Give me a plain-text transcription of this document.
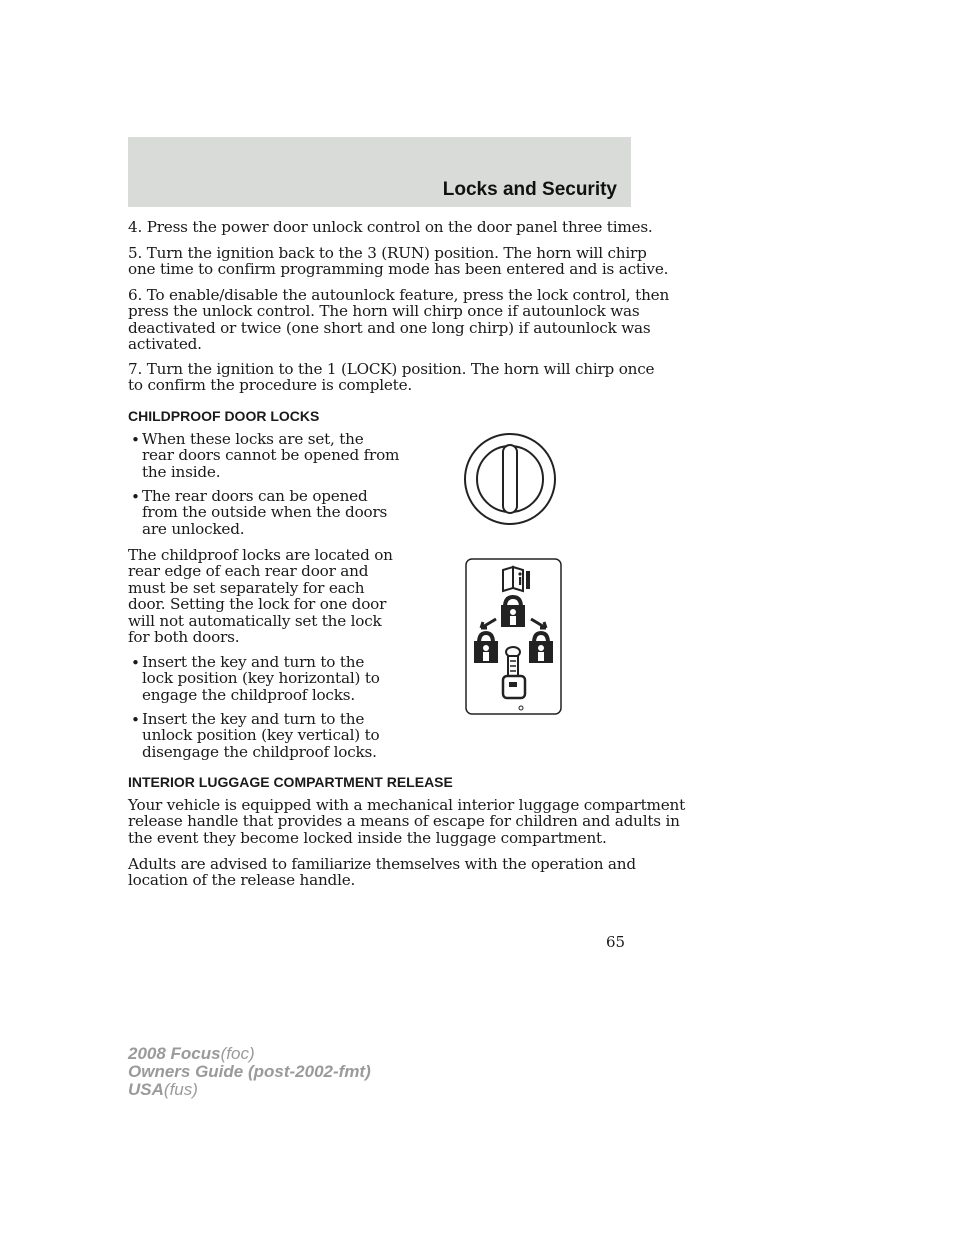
Locks and Security

4. Press the power door unlock control on the door panel three times.

5. Turn the ignition back to the 3 (RUN) position. The horn will chirp
one time to confirm programming mode has been entered and is active.

6. To enable/disable the autounlock feature, press the lock control, then
press the unlock control. The horn will chirp once if autounlock was
deactivated or twice (one short and one long chirp) if autounlock was
activated.

7. Turn the ignition to the 1 (LOCK) position. The horn will chirp once
to confirm the procedure is complete.

CHILDPROOF DOOR LOCKS
• When these locks are set, the
rear doors cannot be opened from
the inside.

• The rear doors can be opened
from the outside when the doors
are unlocked.

The childproof locks are located on
rear edge of each rear door and
must be set separately for each
door. Setting the lock for one door
will not automatically set the lock
for both doors.

• Insert the key and turn to the
lock position (key horizontal) to
engage the childproof locks.

• Insert the key and turn to the
unlock position (key vertical) to
disengage the childproof locks.

INTERIOR LUGGAGE COMPARTMENT RELEASE

Your vehicle is equipped with a mechanical interior luggage compartment
release handle that provides a means of escape for children and adults in
the event they become locked inside the luggage compartment.

Adults are advised to familiarize themselves with the operation and
location of the release handle.

65
2008 Focus(foc)
Owners Guide (post-2002-fmt)
USA(fus)
